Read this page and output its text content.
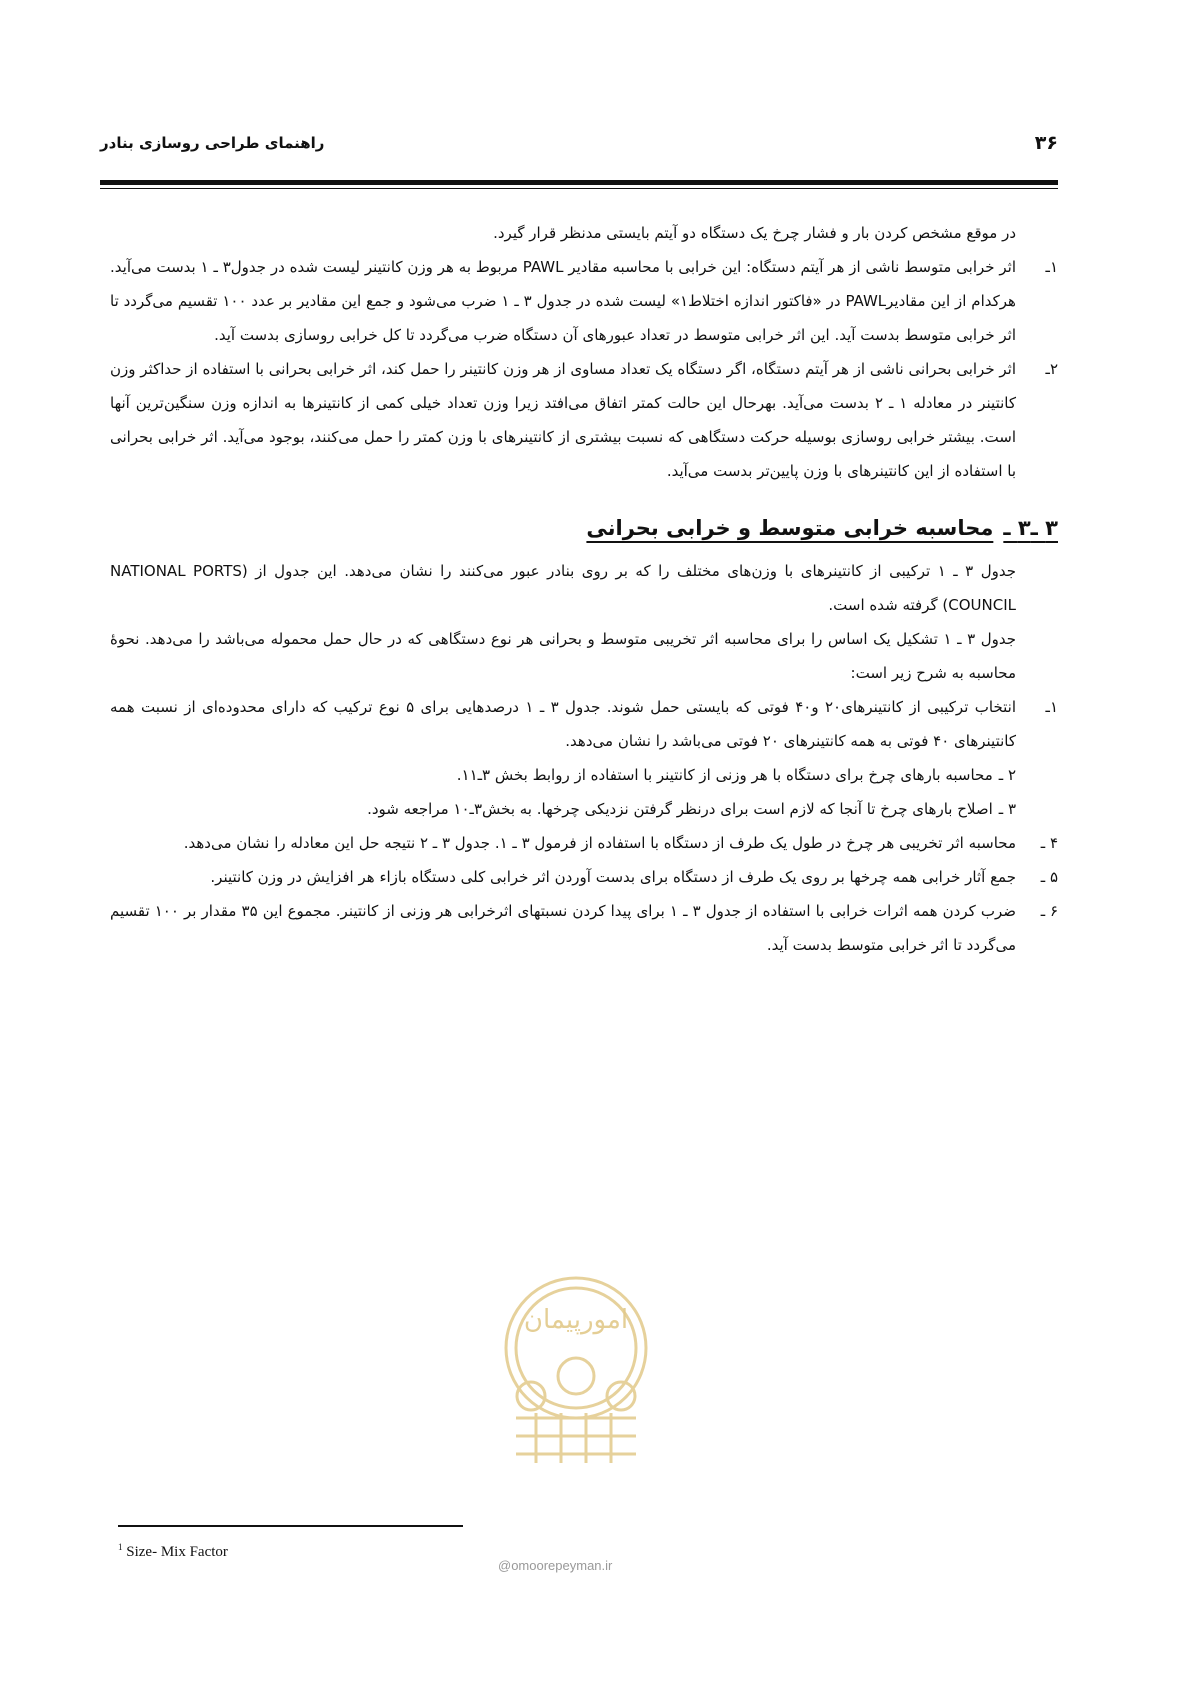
۳۶
راهنمای طراحی روسازی بنادر

در موقع مشخص کردن بار و فشار چرخ یک دستگاه دو آیتم بایستی مدنظر قرار گیرد.

۱ـ
اثر خرابی متوسط ناشی از هر آیتم دستگاه: این خرابی با محاسبه مقادیر PAWL مربوط به هر وزن کانتینر لیست شده در جدول۳ ـ ۱ بدست می‌آید. هرکدام از این مقادیرPAWL در «فاکتور اندازه اختلاط۱» لیست شده در جدول ۳ ـ ۱ ضرب می‌شود و جمع این مقادیر بر عدد ۱۰۰ تقسیم می‌گردد تا اثر خرابی متوسط بدست آید. این اثر خرابی متوسط در تعداد عبورهای آن دستگاه ضرب می‌گردد تا کل خرابی روسازی بدست آید.
۲ـ
اثر خرابی بحرانی ناشی از هر آیتم دستگاه، اگر دستگاه یک تعداد مساوی از هر وزن کانتینر را حمل کند، اثر خرابی بحرانی با استفاده از حداکثر وزن کانتینر در معادله ۱ ـ ۲ بدست می‌آید. بهرحال این حالت کمتر اتفاق می‌افتد زیرا وزن تعداد خیلی کمی از کانتینرها به اندازه وزن سنگین‌ترین آنها است. بیشتر خرابی روسازی بوسیله حرکت دستگاهی که نسبت بیشتری از کانتینرهای با وزن کمتر را حمل می‌کنند، بوجود می‌آید. اثر خرابی بحرانی با استفاده از این کانتینرهای با وزن پایین‌تر بدست می‌آید.
۳ ـ۳ ـ
محاسبه خرابی متوسط و خرابی بحرانی

جدول ۳ ـ ۱ ترکیبی از کانتینرهای با وزن‌های مختلف را که بر روی بنادر عبور می‌کنند را نشان می‌دهد. این جدول از (NATIONAL PORTS COUNCIL) گرفته شده است.

جدول ۳ ـ ۱ تشکیل یک اساس را برای محاسبه اثر تخریبی متوسط و بحرانی هر نوع دستگاهی که در حال حمل محموله می‌باشد را می‌دهد. نحوهٔ محاسبه به شرح زیر است:

۱ـ
انتخاب ترکیبی از کانتینرهای۲۰ و۴۰ فوتی که بایستی حمل شوند. جدول ۳ ـ ۱ درصدهایی برای ۵ نوع ترکیب که دارای محدوده‌ای از نسبت همه کانتینرهای ۴۰ فوتی به همه کانتینرهای ۲۰ فوتی می‌باشد را نشان می‌دهد.
۲ ـ
محاسبه بارهای چرخ برای دستگاه با هر وزنی از کانتینر با استفاده از روابط بخش ۳ـ۱۱.
۳ ـ
اصلاح بارهای چرخ تا آنجا که لازم است برای درنظر گرفتن نزدیکی چرخها. به بخش۳ـ۱۰ مراجعه شود.
۴ ـ
محاسبه اثر تخریبی هر چرخ در طول یک طرف از دستگاه با استفاده از فرمول ۳ ـ ۱. جدول ۳ ـ ۲ نتیجه حل این معادله را نشان می‌دهد.
۵ ـ
جمع آثار خرابی همه چرخها بر روی یک طرف از دستگاه برای بدست آوردن اثر خرابی کلی دستگاه بازاء هر افزایش در وزن کانتینر.
۶ ـ
ضرب کردن همه اثرات خرابی با استفاده از جدول ۳ ـ ۱ برای پیدا کردن نسبتهای اثرخرابی هر وزنی از کانتینر. مجموع این ۳۵ مقدار بر ۱۰۰ تقسیم می‌گردد تا اثر خرابی متوسط بدست آید.
امورپیمان
$^1$ Size- Mix Factor
@omoorepeyman.ir
